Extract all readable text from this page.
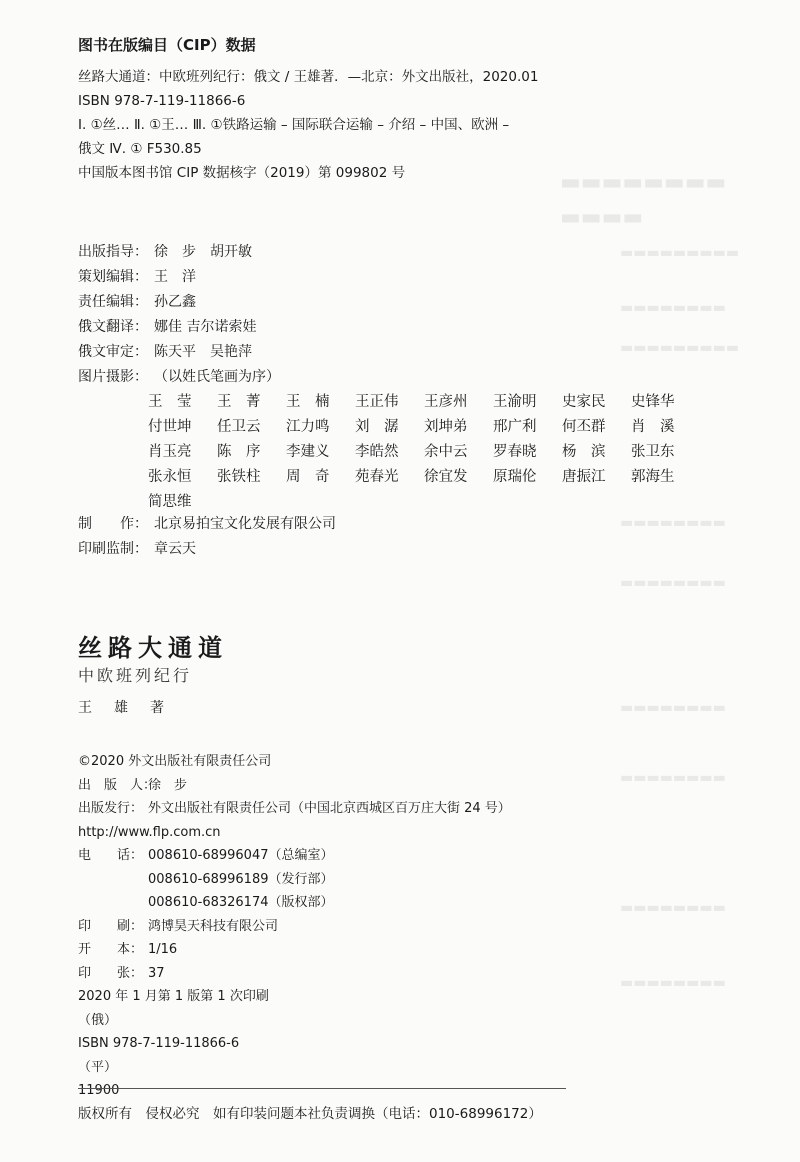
▬▬▬▬▬▬▬▬
▬▬▬▬
▬▬▬▬▬▬▬▬▬
▬▬▬▬▬▬▬▬
▬▬▬▬▬▬▬▬▬
▬▬▬▬▬▬▬▬
▬▬▬▬▬▬▬▬
▬▬▬▬▬▬▬▬
▬▬▬▬▬▬▬▬
▬▬▬▬▬▬▬▬
▬▬▬▬▬▬▬▬
图书在版编目（CIP）数据
丝路大通道：中欧班列纪行：俄文 / 王雄著．—北京：外文出版社，2020.01
ISBN 978-7-119-11866-6
Ⅰ. ①丝… Ⅱ. ①王… Ⅲ. ①铁路运输 – 国际联合运输 – 介绍 – 中国、欧洲 –
俄文 Ⅳ. ① F530.85
中国版本图书馆 CIP 数据核字（2019）第 099802 号
出版指导： 徐　步　胡开敏
策划编辑： 王　洋
责任编辑： 孙乙鑫
俄文翻译： 娜佳 吉尔诺索娃
俄文审定： 陈天平　吴艳萍
图片摄影： （以姓氏笔画为序）
王　莹	王　菁	王　楠	王正伟	王彦州	王渝明	史家民	史锋华
付世坤	任卫云	江力鸣	刘　潺	刘坤弟	邢广利	何丕群	肖　溪
肖玉亮	陈　序	李建义	李皓然	余中云	罗春晓	杨　滨	张卫东
张永恒	张铁柱	周　奇	苑春光	徐宜发	原瑞伦	唐振江	郭海生
简思维
制　　作： 北京易拍宝文化发展有限公司
印刷监制： 章云天
丝路大通道
中欧班列纪行
王　雄　著
©2020 外文出版社有限责任公司
出　版　人：徐　步
出版发行： 外文出版社有限责任公司（中国北京西城区百万庄大街 24 号）
http://www.flp.com.cn
电　　话： 008610-68996047（总编室）
008610-68996189（发行部）
008610-68326174（版权部）
印　　刷： 鸿博昊天科技有限公司
开　　本： 1/16
印　　张： 37
2020 年 1 月第 1 版第 1 次印刷
（俄）
ISBN 978-7-119-11866-6
（平）
11900
版权所有　侵权必究　如有印装问题本社负责调换（电话：010-68996172）
